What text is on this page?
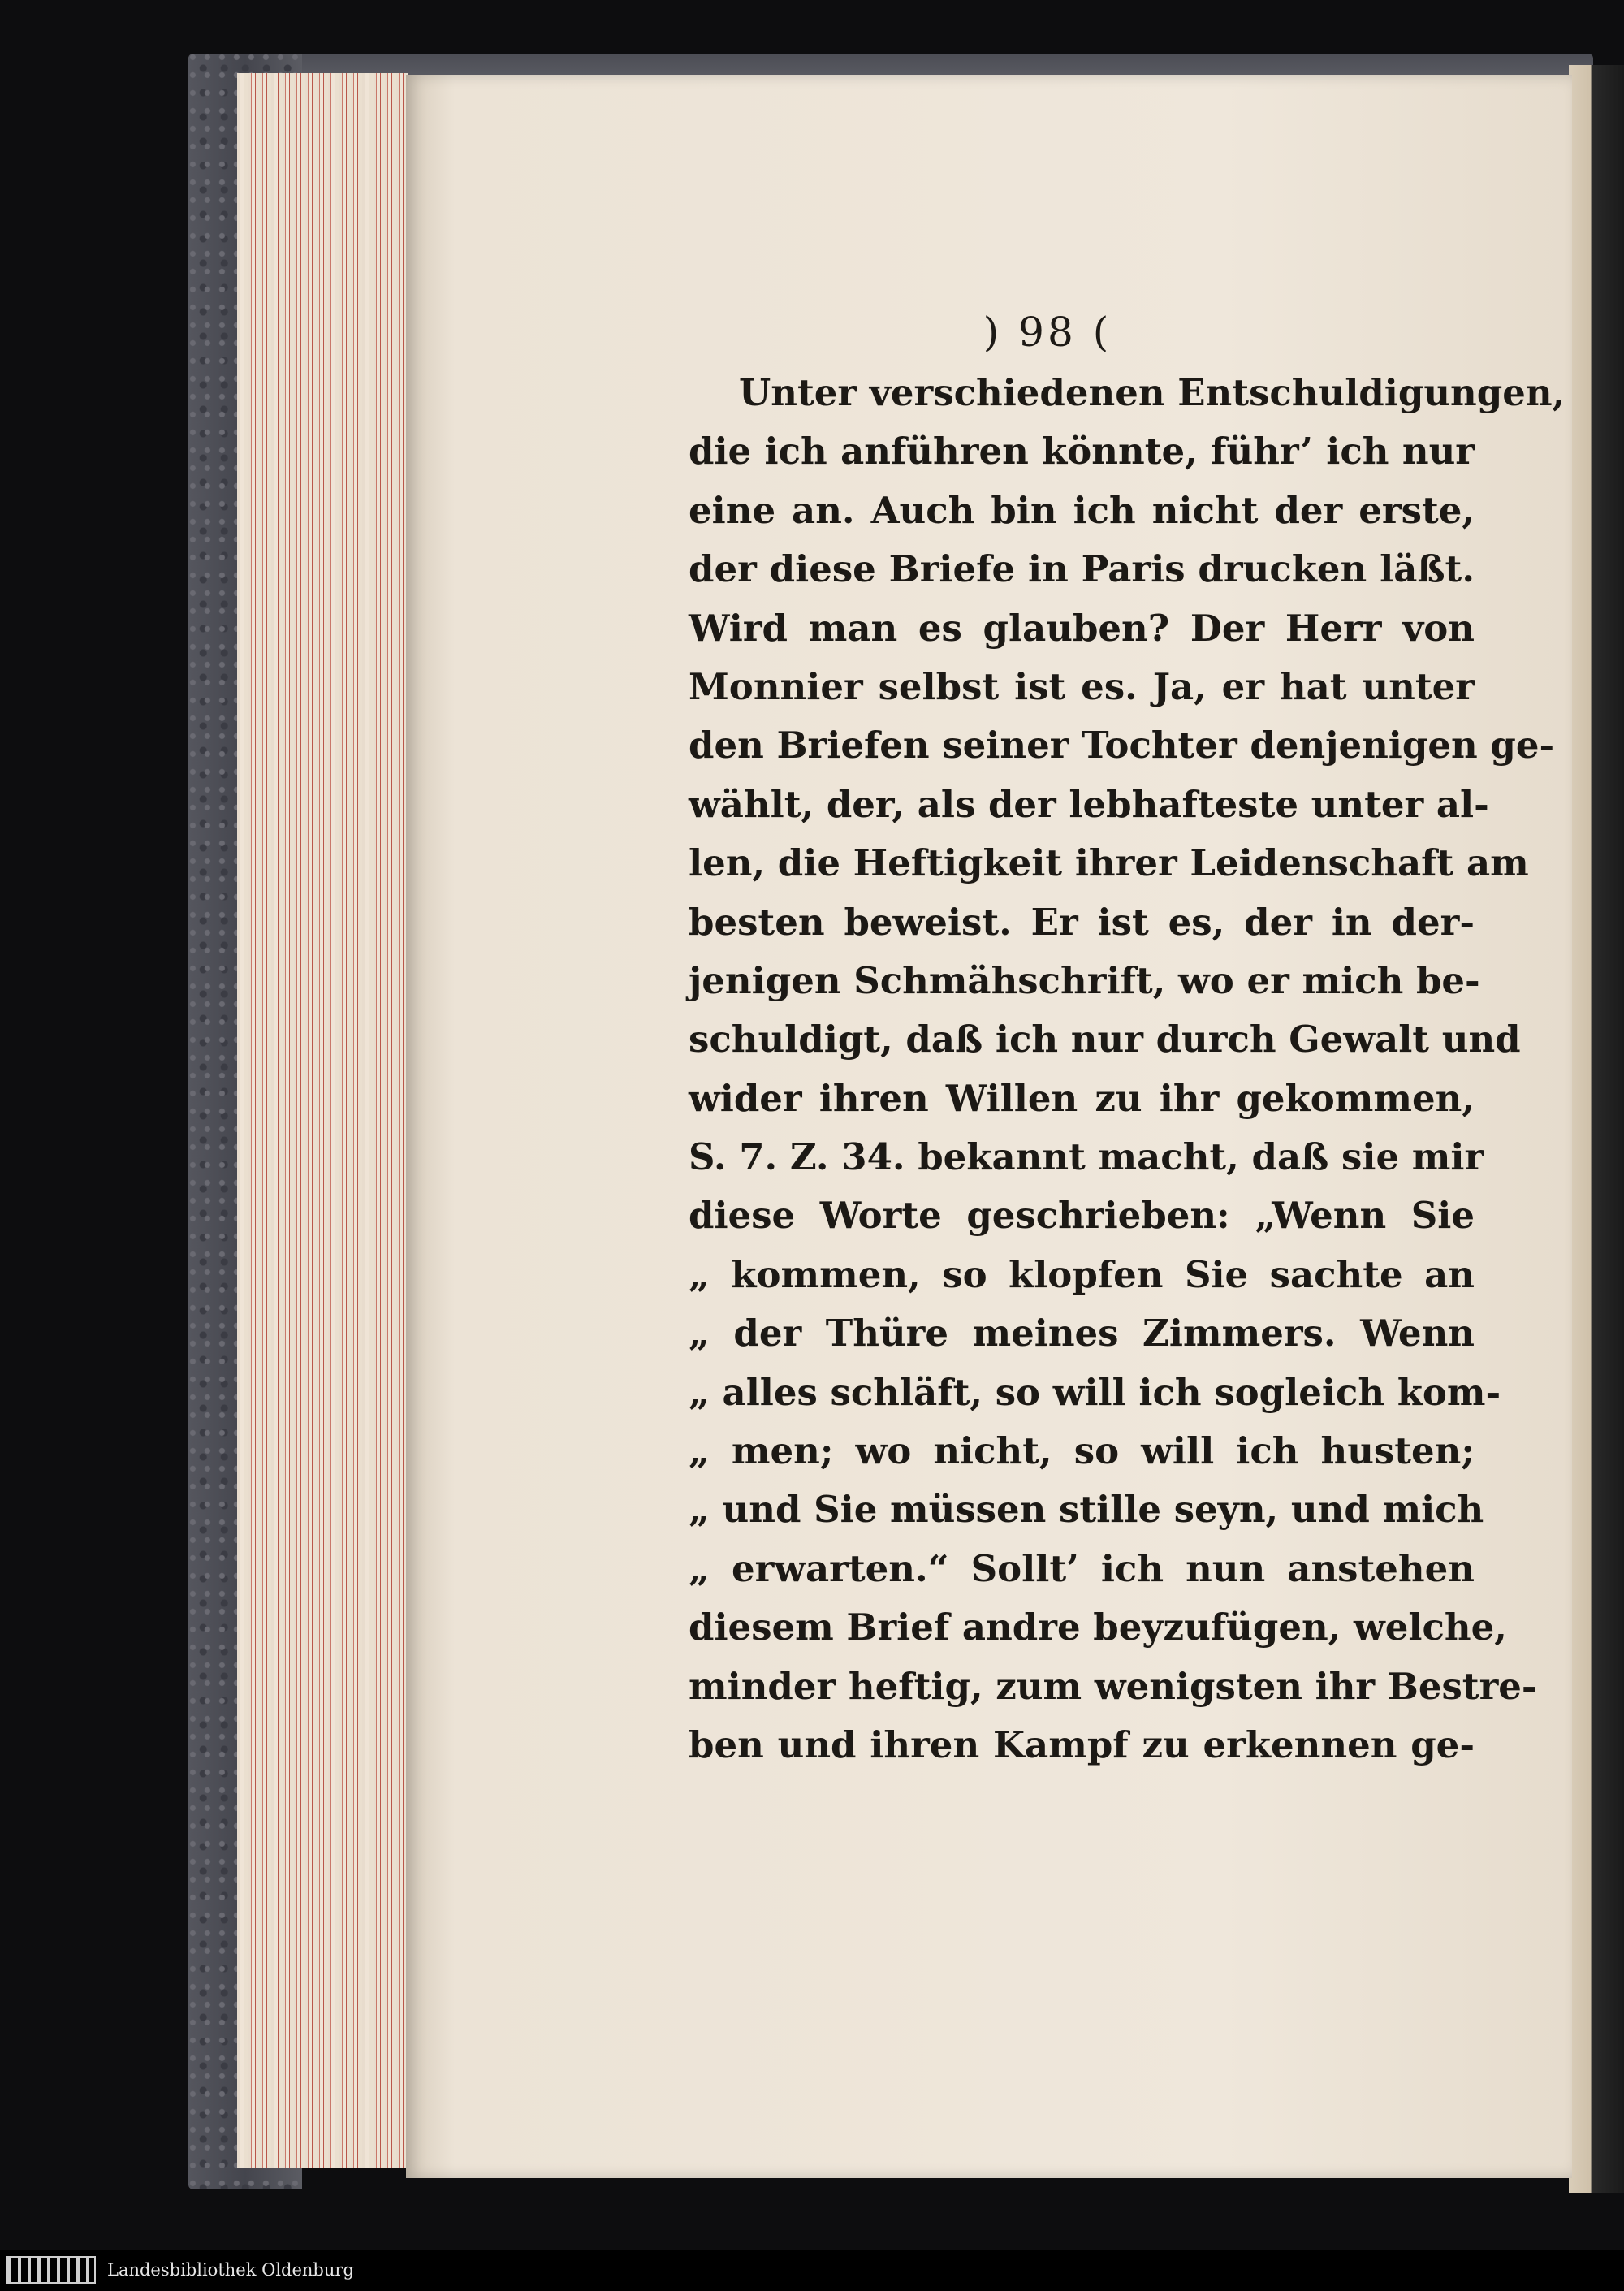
) 98 (
Unter verschiedenen Entschuldigungen,
die ich anführen könnte, führ’ ich nur
eine an. Auch bin ich nicht der erste,
der diese Briefe in Paris drucken läßt.
Wird man es glauben? Der Herr von
Monnier selbst ist es. Ja, er hat unter
den Briefen seiner Tochter denjenigen ge-
wählt, der, als der lebhafteste unter al-
len, die Heftigkeit ihrer Leidenschaft am
besten beweist. Er ist es, der in der-
jenigen Schmähschrift, wo er mich be-
schuldigt, daß ich nur durch Gewalt und
wider ihren Willen zu ihr gekommen,
S. 7. Z. 34. bekannt macht, daß sie mir
diese Worte geschrieben: „Wenn Sie
„ kommen, so klopfen Sie sachte an
„ der Thüre meines Zimmers. Wenn
„ alles schläft, so will ich sogleich kom-
„ men; wo nicht, so will ich husten;
„ und Sie müssen stille seyn, und mich
„ erwarten.“ Sollt’ ich nun anstehen
diesem Brief andre beyzufügen, welche,
minder heftig, zum wenigsten ihr Bestre-
ben und ihren Kampf zu erkennen ge-
Landesbibliothek Oldenburg
